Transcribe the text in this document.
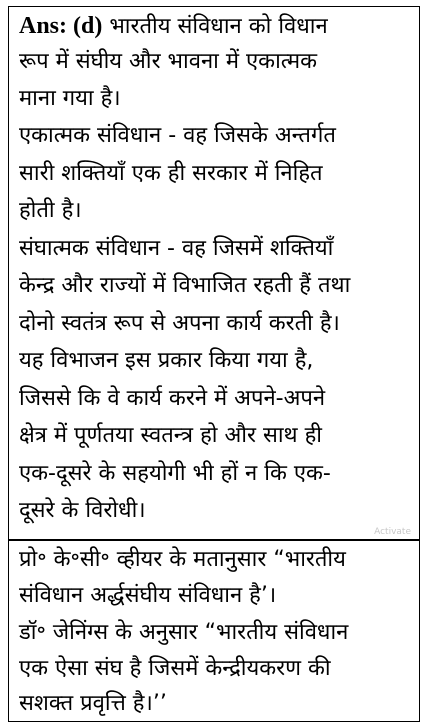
Ans: (d) भारतीय संविधान को विधान
रूप में संघीय और भावना में एकात्मक
माना गया है।
एकात्मक संविधान - वह जिसके अन्तर्गत
सारी शक्तियाँ एक ही सरकार में निहित
होती है।
संघात्मक संविधान - वह जिसमें शक्तियाँ
केन्द्र और राज्यों में विभाजित रहती हैं तथा
दोनो स्वतंत्र रूप से अपना कार्य करती है।
यह विभाजन इस प्रकार किया गया है,
जिससे कि वे कार्य करने में अपने-अपने
क्षेत्र में पूर्णतया स्वतन्त्र हो और साथ ही
एक-दूसरे के सहयोगी भी हों न कि एक-
दूसरे के विरोधी।
Activate
प्रो॰ के॰सी॰ व्हीयर के मतानुसार “भारतीय
संविधान अर्द्धसंघीय संविधान है’।
डॉ॰ जेनिंग्स के अनुसार “भारतीय संविधान
एक ऐसा संघ है जिसमें केन्द्रीयकरण की
सशक्त प्रवृत्ति है।’’
